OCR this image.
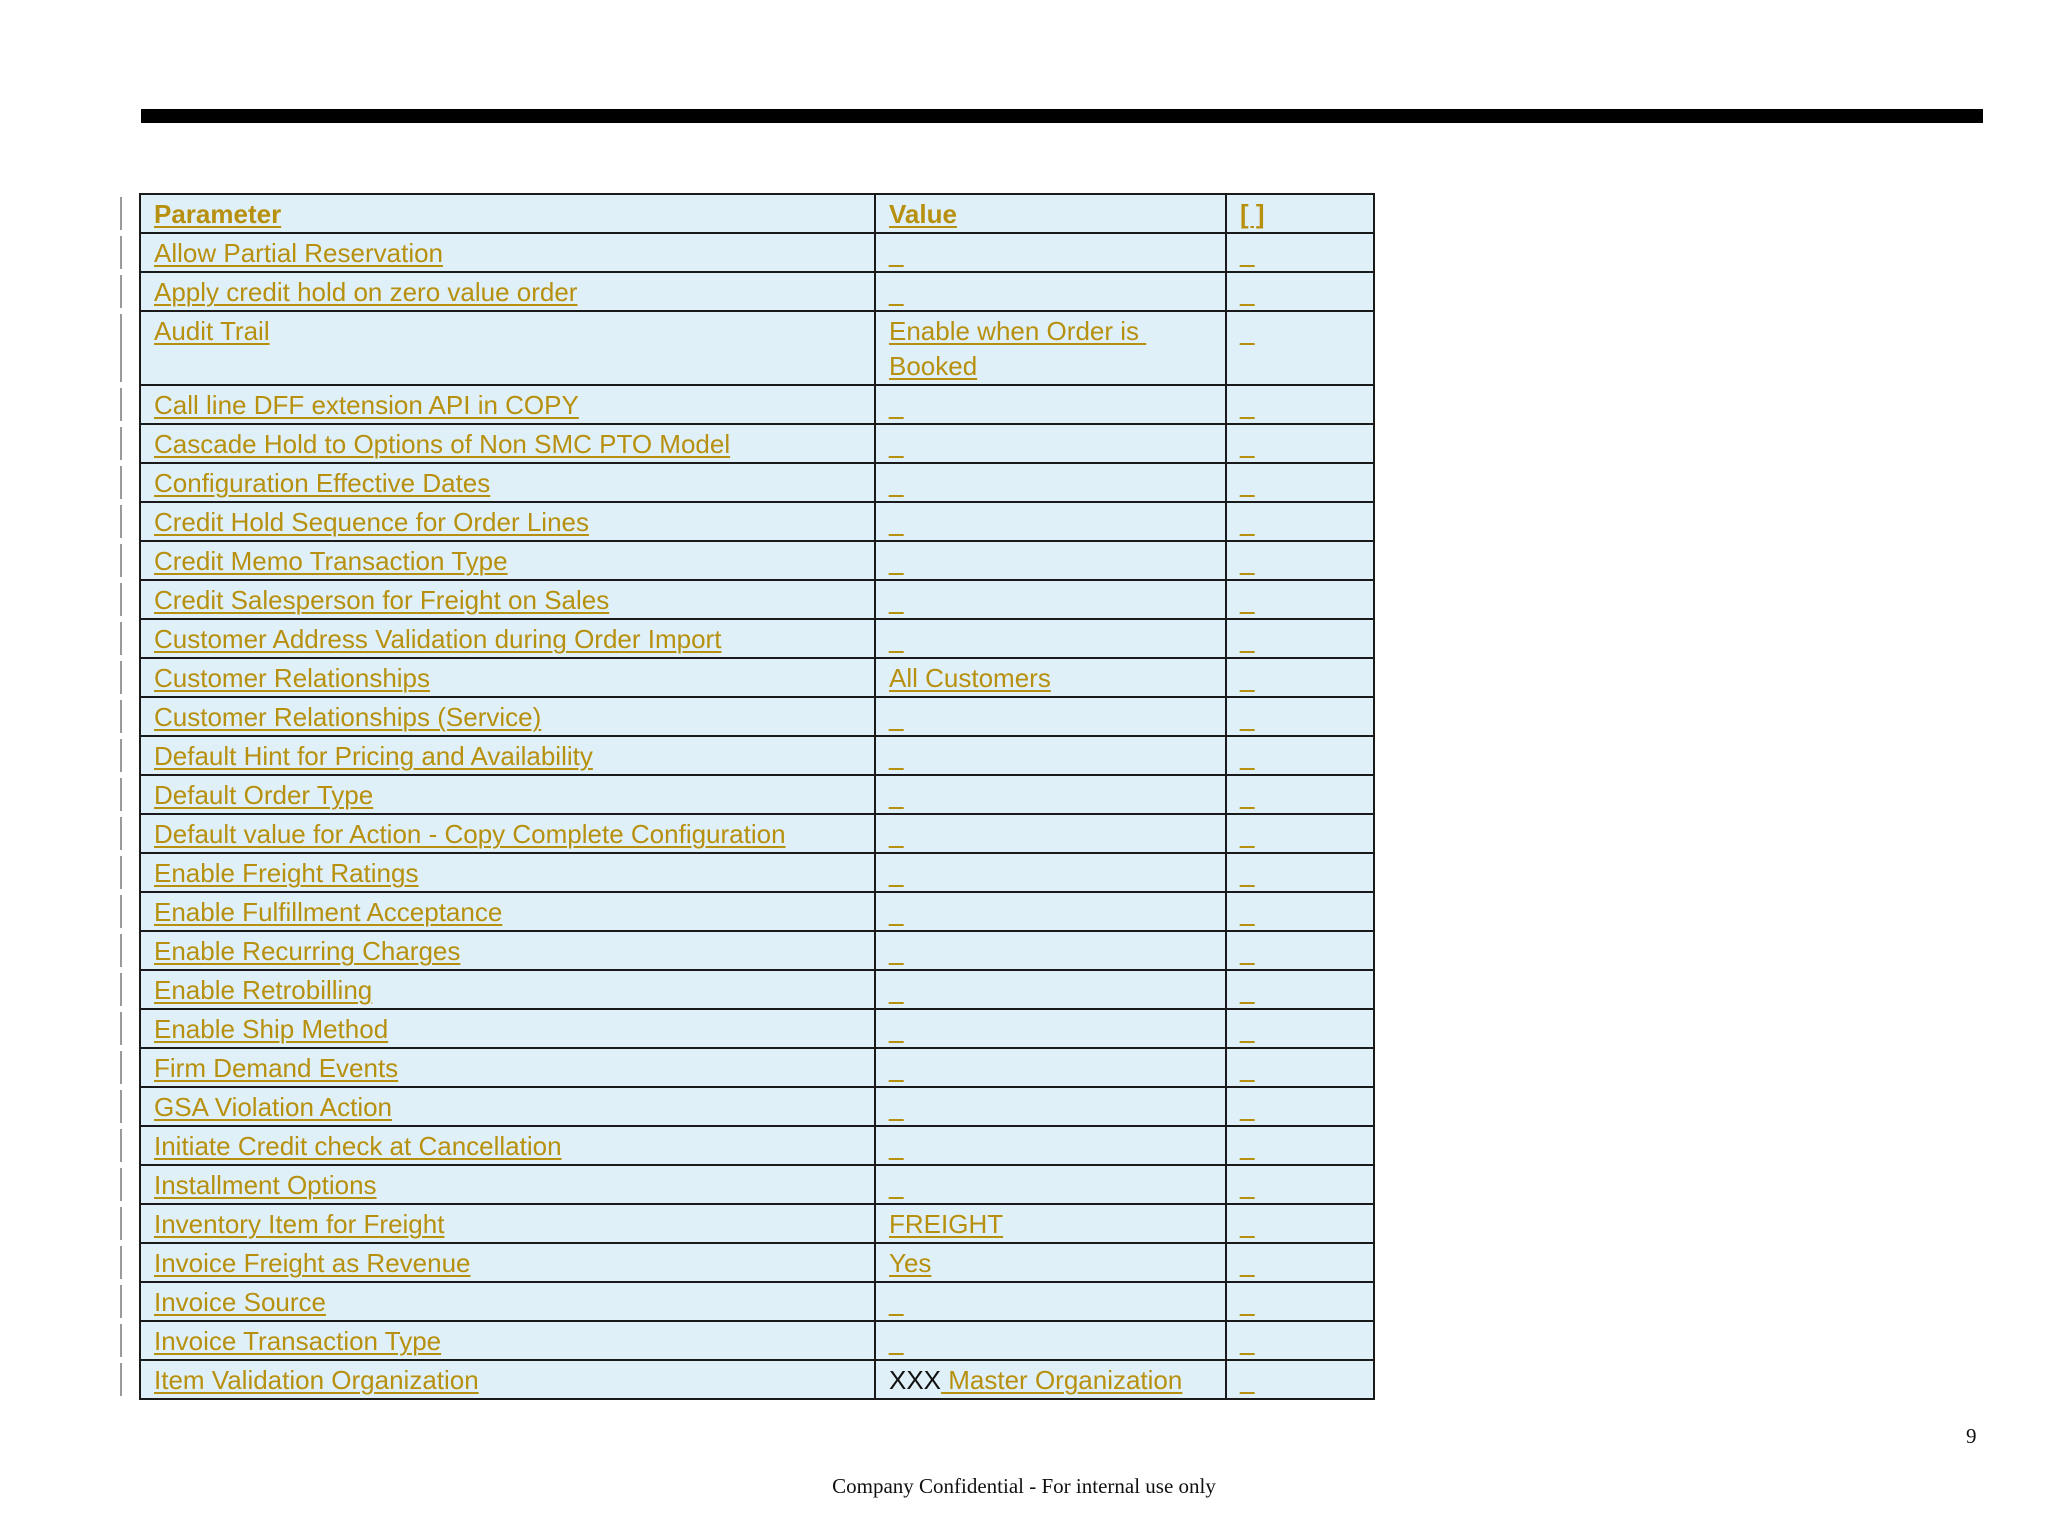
Parameter	Value	[ ]
Allow Partial Reservation	_	_
Apply credit hold on zero value order	_	_
Audit Trail	Enable when Order is Booked	_
Call line DFF extension API in COPY	_	_
Cascade Hold to Options of Non SMC PTO Model	_	_
Configuration Effective Dates	_	_
Credit Hold Sequence for Order Lines	_	_
Credit Memo Transaction Type	_	_
Credit Salesperson for Freight on Sales	_	_
Customer Address Validation during Order Import	_	_
Customer Relationships	All Customers	_
Customer Relationships (Service)	_	_
Default Hint for Pricing and Availability	_	_
Default Order Type	_	_
Default value for Action - Copy Complete Configuration	_	_
Enable Freight Ratings	_	_
Enable Fulfillment Acceptance	_	_
Enable Recurring Charges	_	_
Enable Retrobilling	_	_
Enable Ship Method	_	_
Firm Demand Events	_	_
GSA Violation Action	_	_
Initiate Credit check at Cancellation	_	_
Installment Options	_	_
Inventory Item for Freight	FREIGHT	_
Invoice Freight as Revenue	Yes	_
Invoice Source	_	_
Invoice Transaction Type	_	_
Item Validation Organization	XXX Master Organization	_
9
Company Confidential - For internal use only
